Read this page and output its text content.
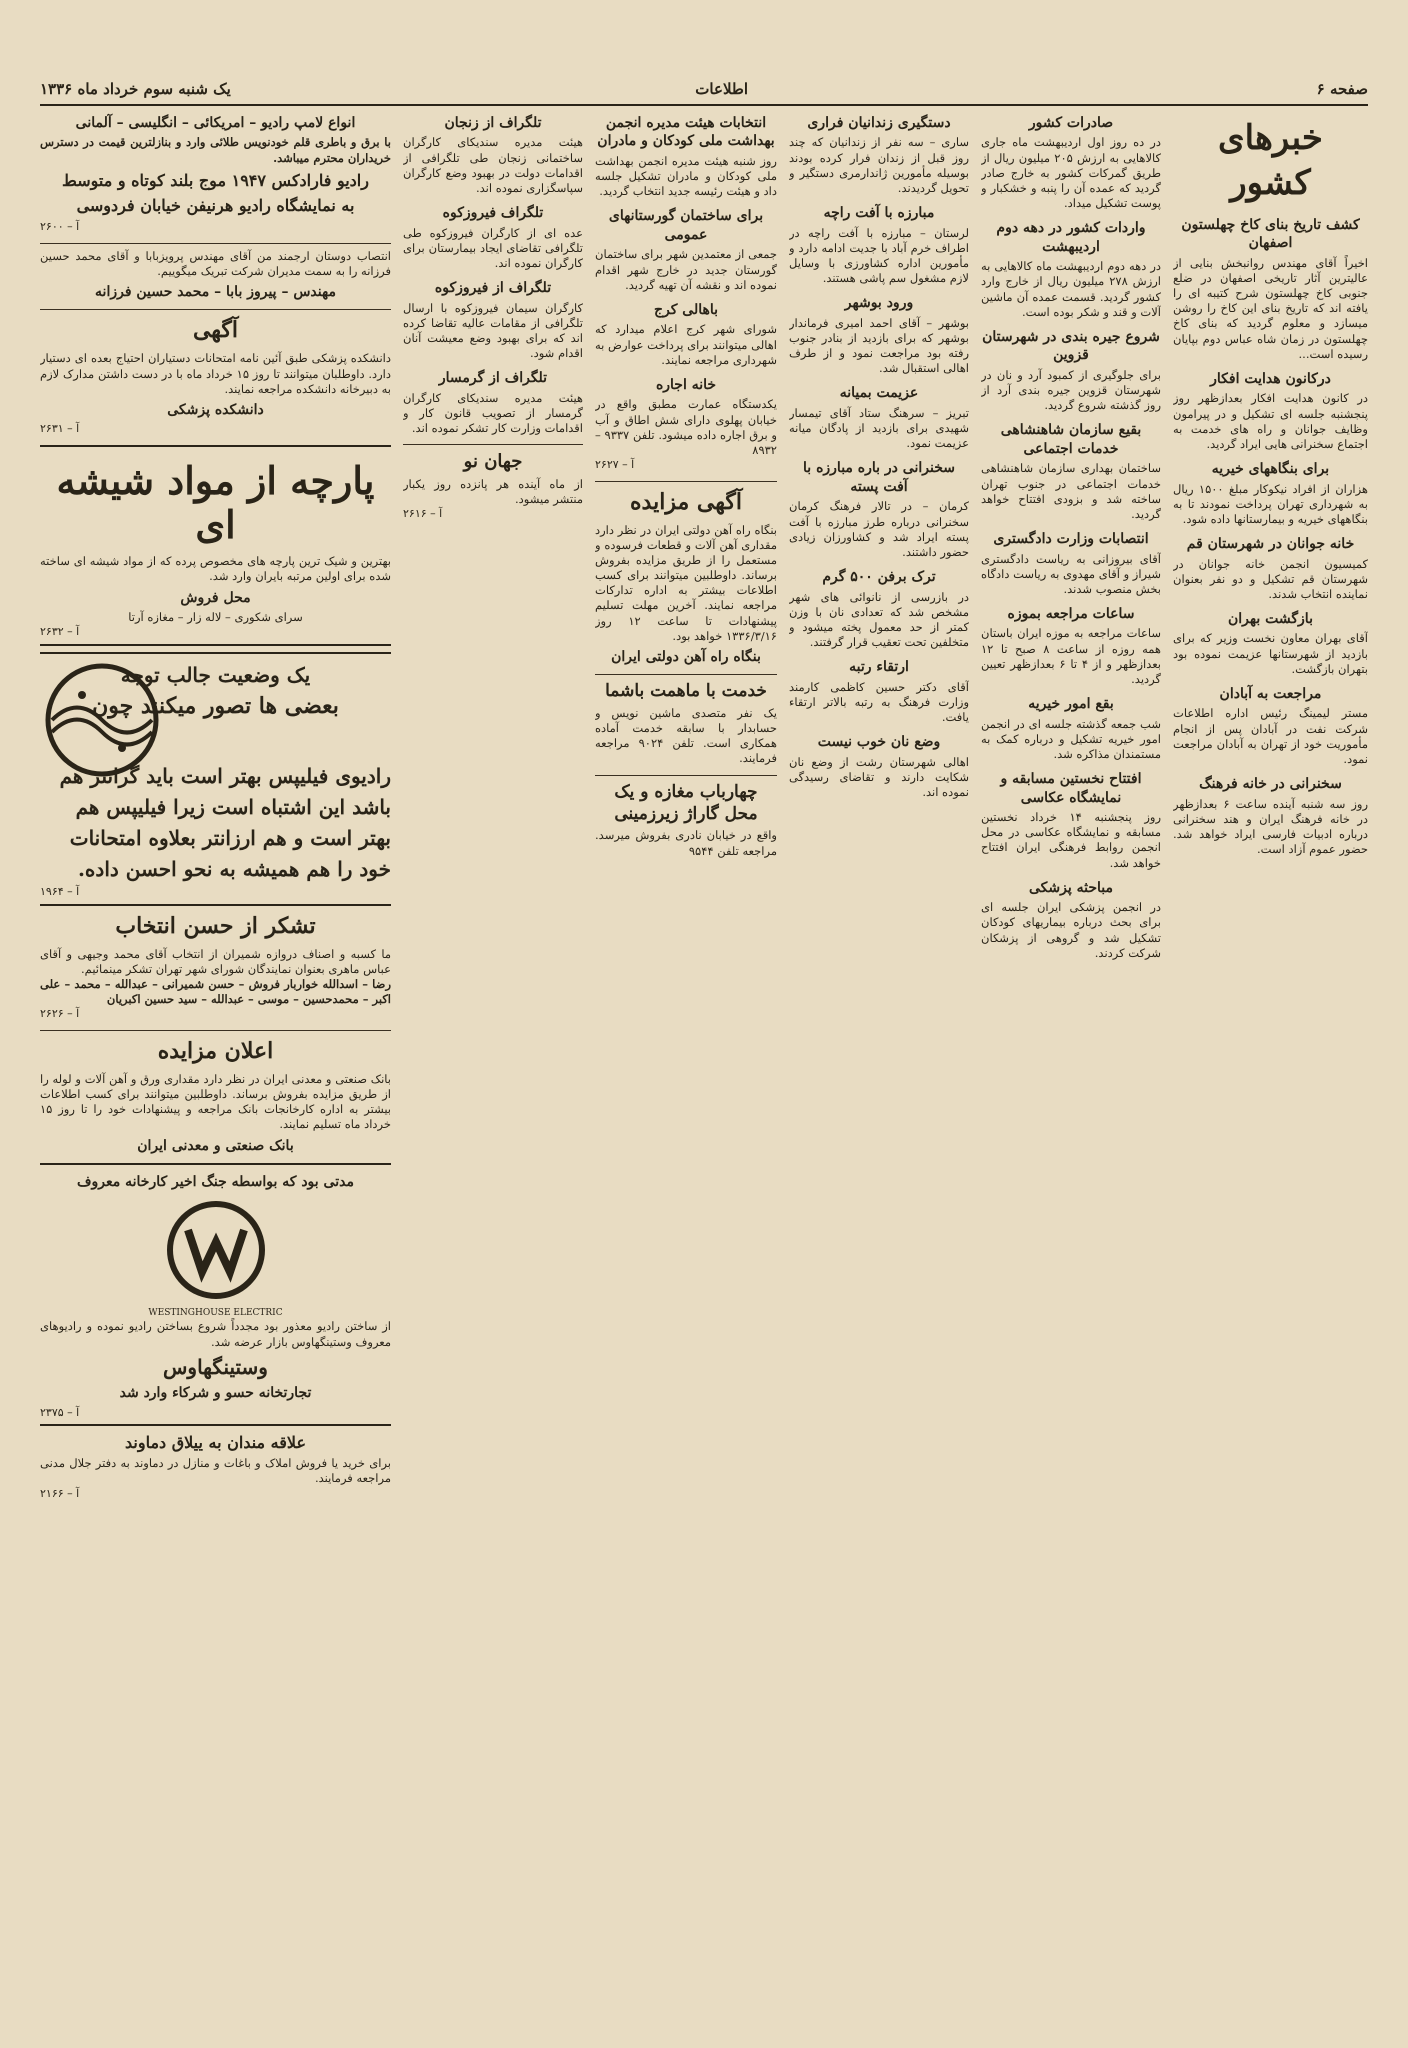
صفحه ۶
اطلاعات
یک شنبه سوم خرداد ماه ۱۳۳۶
خبرهای کشور
کشف تاریخ بنای کاخ چهلستون اصفهان

اخیراً آقای مهندس روانبخش بنایی از عالیترین آثار تاریخی اصفهان در ضلع جنوبی کاخ چهلستون شرح کتیبه ای را یافته اند که تاریخ بنای این کاخ را روشن میسازد و معلوم گردید که بنای کاخ چهلستون در زمان شاه عباس دوم بپایان رسیده است...

درکانون هدایت افکار

در کانون هدایت افکار بعدازظهر روز پنجشنبه جلسه ای تشکیل و در پیرامون وظایف جوانان و راه های خدمت به اجتماع سخنرانی هایی ایراد گردید.

برای بنگاههای خیریه

هزاران از افراد نیکوکار مبلغ ۱۵۰۰ ریال به شهرداری تهران پرداخت نمودند تا به بنگاههای خیریه و بیمارستانها داده شود.

خانه جوانان در شهرستان قم

کمیسیون انجمن خانه جوانان در شهرستان قم تشکیل و دو نفر بعنوان نماینده انتخاب شدند.

بازگشت بهران

آقای بهران معاون نخست وزیر که برای بازدید از شهرستانها عزیمت نموده بود بتهران بازگشت.

مراجعت به آبادان

مستر لیمینگ رئیس اداره اطلاعات شرکت نفت در آبادان پس از انجام مأموریت خود از تهران به آبادان مراجعت نمود.

سخنرانی در خانه فرهنگ

روز سه شنبه آینده ساعت ۶ بعدازظهر در خانه فرهنگ ایران و هند سخنرانی درباره ادبیات فارسی ایراد خواهد شد. حضور عموم آزاد است.

صادرات کشور

در ده روز اول اردیبهشت ماه جاری کالاهایی به ارزش ۲۰۵ میلیون ریال از طریق گمرکات کشور به خارج صادر گردید که عمده آن را پنبه و خشکبار و پوست تشکیل میداد.

واردات کشور در دهه دوم اردیبهشت

در دهه دوم اردیبهشت ماه کالاهایی به ارزش ۲۷۸ میلیون ریال از خارج وارد کشور گردید. قسمت عمده آن ماشین آلات و قند و شکر بوده است.

شروع جیره بندی در شهرستان قزوین

برای جلوگیری از کمبود آرد و نان در شهرستان قزوین جیره بندی آرد از روز گذشته شروع گردید.

بقیع سازمان شاهنشاهی خدمات اجتماعی

ساختمان بهداری سازمان شاهنشاهی خدمات اجتماعی در جنوب تهران ساخته شد و بزودی افتتاح خواهد گردید.

انتصابات وزارت دادگستری

آقای بیروزانی به ریاست دادگستری شیراز و آقای مهدوی به ریاست دادگاه بخش منصوب شدند.

ساعات مراجعه بموزه

ساعات مراجعه به موزه ایران باستان همه روزه از ساعت ۸ صبح تا ۱۲ بعدازظهر و از ۴ تا ۶ بعدازظهر تعیین گردید.

بقع امور خیریه

شب جمعه گذشته جلسه ای در انجمن امور خیریه تشکیل و درباره کمک به مستمندان مذاکره شد.

افتتاح نخستین مسابقه و نمایشگاه عکاسی

روز پنجشنبه ۱۴ خرداد نخستین مسابقه و نمایشگاه عکاسی در محل انجمن روابط فرهنگی ایران افتتاح خواهد شد.

مباحثه پزشکی

در انجمن پزشکی ایران جلسه ای برای بحث درباره بیماریهای کودکان تشکیل شد و گروهی از پزشکان شرکت کردند.

دستگیری زندانیان فراری

ساری – سه نفر از زندانیان که چند روز قبل از زندان فرار کرده بودند بوسیله مأمورین ژاندارمری دستگیر و تحویل گردیدند.

مبارزه با آفت راچه

لرستان – مبارزه با آفت راچه در اطراف خرم آباد با جدیت ادامه دارد و مأمورین اداره کشاورزی با وسایل لازم مشغول سم پاشی هستند.

ورود بوشهر

بوشهر – آقای احمد امیری فرماندار بوشهر که برای بازدید از بنادر جنوب رفته بود مراجعت نمود و از طرف اهالی استقبال شد.

عزیمت بمیانه

تبریز – سرهنگ ستاد آقای تیمسار شهیدی برای بازدید از پادگان میانه عزیمت نمود.

سخنرانی در باره مبارزه با آفت پسته

کرمان – در تالار فرهنگ کرمان سخنرانی درباره طرز مبارزه با آفت پسته ایراد شد و کشاورزان زیادی حضور داشتند.

ترک برفن ۵۰۰ گرم

در بازرسی از نانوائی های شهر مشخص شد که تعدادی نان با وزن کمتر از حد معمول پخته میشود و متخلفین تحت تعقیب قرار گرفتند.

ارتقاء رتبه

آقای دکتر حسین کاظمی کارمند وزارت فرهنگ به رتبه بالاتر ارتقاء یافت.

وضع نان خوب نیست

اهالی شهرستان رشت از وضع نان شکایت دارند و تقاضای رسیدگی نموده اند.

انتخابات هیئت مدیره انجمن بهداشت ملی کودکان و مادران

روز شنبه هیئت مدیره انجمن بهداشت ملی کودکان و مادران تشکیل جلسه داد و هیئت رئیسه جدید انتخاب گردید.

برای ساختمان گورستانهای عمومی

جمعی از معتمدین شهر برای ساختمان گورستان جدید در خارج شهر اقدام نموده اند و نقشه آن تهیه گردید.

باهالی کرج

شورای شهر کرج اعلام میدارد که اهالی میتوانند برای پرداخت عوارض به شهرداری مراجعه نمایند.

خانه اجاره

یکدستگاه عمارت مطبق واقع در خیابان پهلوی دارای شش اطاق و آب و برق اجاره داده میشود. تلفن ۹۳۳۷ – ۸۹۳۲

۲۶۲۷ – آ
آگهی مزایده

بنگاه راه آهن دولتی ایران در نظر دارد مقداری آهن آلات و قطعات فرسوده و مستعمل را از طریق مزایده بفروش برساند. داوطلبین میتوانند برای کسب اطلاعات بیشتر به اداره تدارکات مراجعه نمایند. آخرین مهلت تسلیم پیشنهادات تا ساعت ۱۲ روز ۱۳۳۶/۳/۱۶ خواهد بود.

بنگاه راه آهن دولتی ایران
خدمت با ماهمت باشما

یک نفر متصدی ماشین نویس و حسابدار با سابقه خدمت آماده همکاری است. تلفن ۹۰۲۴ مراجعه فرمایند.

چهارباب مغازه و یک محل گاراژ زیرزمینی

واقع در خیابان نادری بفروش میرسد. مراجعه تلفن ۹۵۴۴

تلگراف از زنجان

هیئت مدیره سندیکای کارگران ساختمانی زنجان طی تلگرافی از اقدامات دولت در بهبود وضع کارگران سپاسگزاری نموده اند.

تلگراف فیروزکوه

عده ای از کارگران فیروزکوه طی تلگرافی تقاضای ایجاد بیمارستان برای کارگران نموده اند.

تلگراف از فیروزکوه

کارگران سیمان فیروزکوه با ارسال تلگرافی از مقامات عالیه تقاضا کرده اند که برای بهبود وضع معیشت آنان اقدام شود.

تلگراف از گرمسار

هیئت مدیره سندیکای کارگران گرمسار از تصویب قانون کار و اقدامات وزارت کار تشکر نموده اند.

جهان نو

از ماه آینده هر پانزده روز یکبار منتشر میشود.

۲۶۱۶ – آ
انواع لامپ رادیو – امریکائی – انگلیسی – آلمانی

با برق و باطری قلم خودنویس طلائی وارد و بنازلترین قیمت در دسترس خریداران محترم میباشد.

رادیو فارادکس ۱۹۴۷ موج بلند کوتاه و متوسط
به نمایشگاه رادیو هرنیفن خیابان فردوسی
۲۶۰۰ – آ

انتصاب دوستان ارجمند من آقای مهندس پرویزبابا و آقای محمد حسین فرزانه را به سمت مدیران شرکت تبریک میگوییم.

مهندس – پیروز بابا – محمد حسین فرزانه
آگهی

دانشکده پزشکی طبق آئین نامه امتحانات دستیاران احتیاج بعده ای دستیار دارد. داوطلبان میتوانند تا روز ۱۵ خرداد ماه با در دست داشتن مدارک لازم به دبیرخانه دانشکده مراجعه نمایند.

دانشکده پزشکی
۲۶۳۱ – آ
پارچه از مواد شیشه ای

بهترین و شیک ترین پارچه های مخصوص پرده که از مواد شیشه ای ساخته شده برای اولین مرتبه بایران وارد شد.

محل فروش
سرای شکوری – لاله زار – مغازه آرتا
۲۶۳۲ – آ
یک وضعیت جالب توجه
بعضی ها تصور میکنند چون
رادیوی فیلیپس بهتر است باید گرانتر هم باشد این اشتباه است زیرا فیلیپس هم بهتر است و هم ارزانتر بعلاوه امتحانات خود را هم همیشه به نحو احسن داده.
۱۹۶۴ – آ
تشکر از حسن انتخاب

ما کسبه و اصناف دروازه شمیران از انتخاب آقای محمد وجیهی و آقای عباس ماهری بعنوان نمایندگان شورای شهر تهران تشکر مینمائیم.

رضا – اسدالله خواربار فروش – حسن شمیرانی – عبدالله – محمد – علی اکبر – محمدحسین – موسی – عبدالله – سید حسین اکبریان

۲۶۲۶ – آ
اعلان مزایده

بانک صنعتی و معدنی ایران در نظر دارد مقداری ورق و آهن آلات و لوله را از طریق مزایده بفروش برساند. داوطلبین میتوانند برای کسب اطلاعات بیشتر به اداره کارخانجات بانک مراجعه و پیشنهادات خود را تا روز ۱۵ خرداد ماه تسلیم نمایند.

بانک صنعتی و معدنی ایران
مدتی بود که بواسطه جنگ اخیر کارخانه معروف
WESTINGHOUSE ELECTRIC

از ساختن رادیو معذور بود مجدداً شروع بساختن رادیو نموده و رادیوهای معروف وستینگهاوس بازار عرضه شد.

وستینگهاوس
تجارتخانه حسو و شرکاء وارد شد
۲۳۷۵ – آ
علاقه مندان به ییلاق دماوند

برای خرید یا فروش املاک و باغات و منازل در دماوند به دفتر جلال مدنی مراجعه فرمایند.

۲۱۶۶ – آ
